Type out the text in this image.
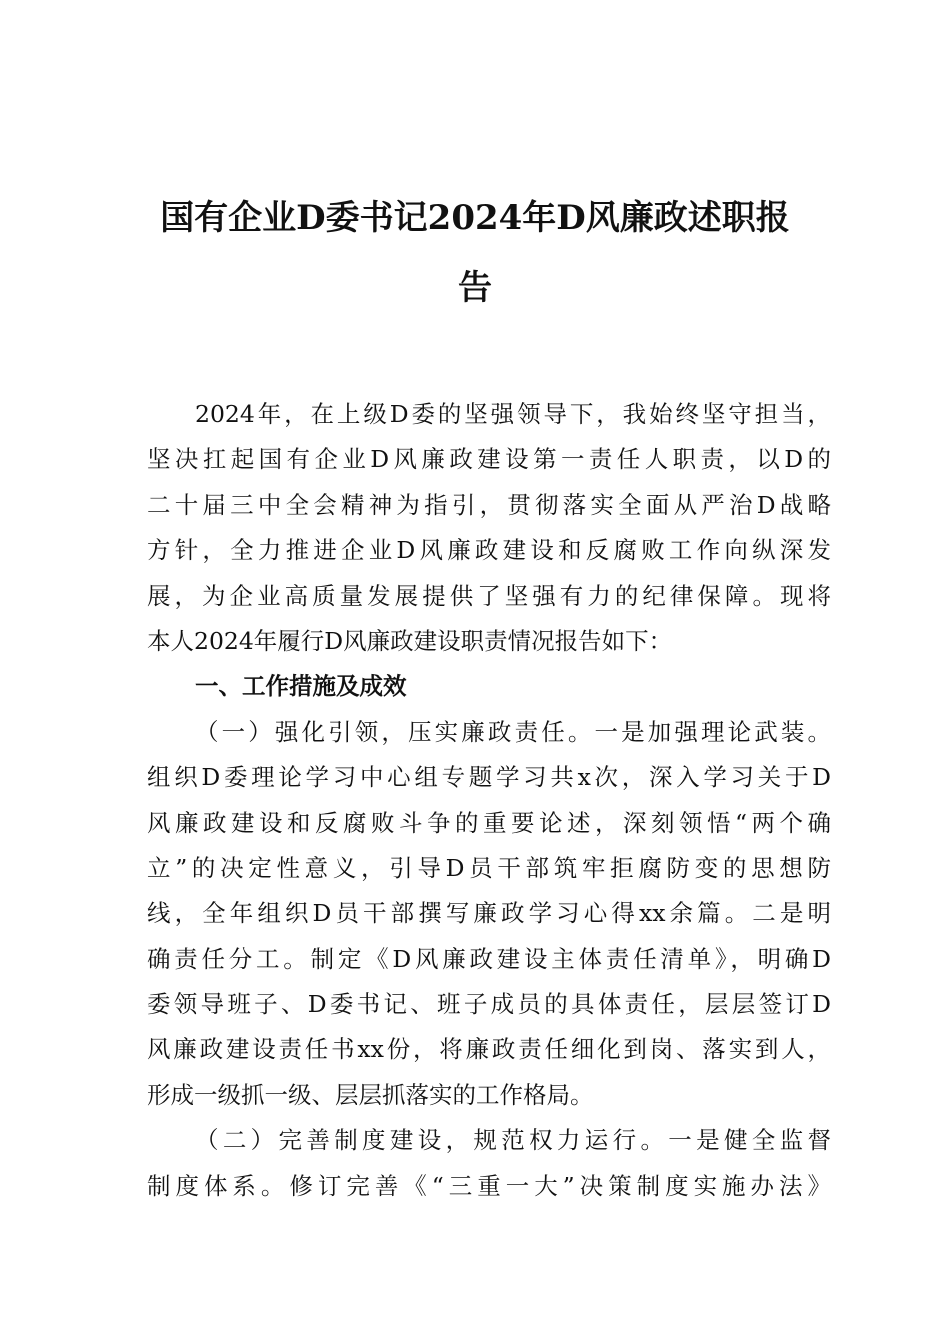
国有企业D委书记2024年D风廉政述职报
告
2024年，在上级D委的坚强领导下，我始终坚守担当，
坚决扛起国有企业D风廉政建设第一责任人职责，以D的
二十届三中全会精神为指引，贯彻落实全面从严治D战略
方针，全力推进企业D风廉政建设和反腐败工作向纵深发
展，为企业高质量发展提供了坚强有力的纪律保障。现将
本人2024年履行D风廉政建设职责情况报告如下：
一、工作措施及成效
（一）强化引领，压实廉政责任。一是加强理论武装。
组织D委理论学习中心组专题学习共x次，深入学习关于D
风廉政建设和反腐败斗争的重要论述，深刻领悟“两个确
立”的决定性意义，引导D员干部筑牢拒腐防变的思想防
线，全年组织D员干部撰写廉政学习心得xx余篇。二是明
确责任分工。制定《D风廉政建设主体责任清单》，明确D
委领导班子、D委书记、班子成员的具体责任，层层签订D
风廉政建设责任书xx份，将廉政责任细化到岗、落实到人，
形成一级抓一级、层层抓落实的工作格局。
（二）完善制度建设，规范权力运行。一是健全监督
制度体系。修订完善《“三重一大”决策制度实施办法》
